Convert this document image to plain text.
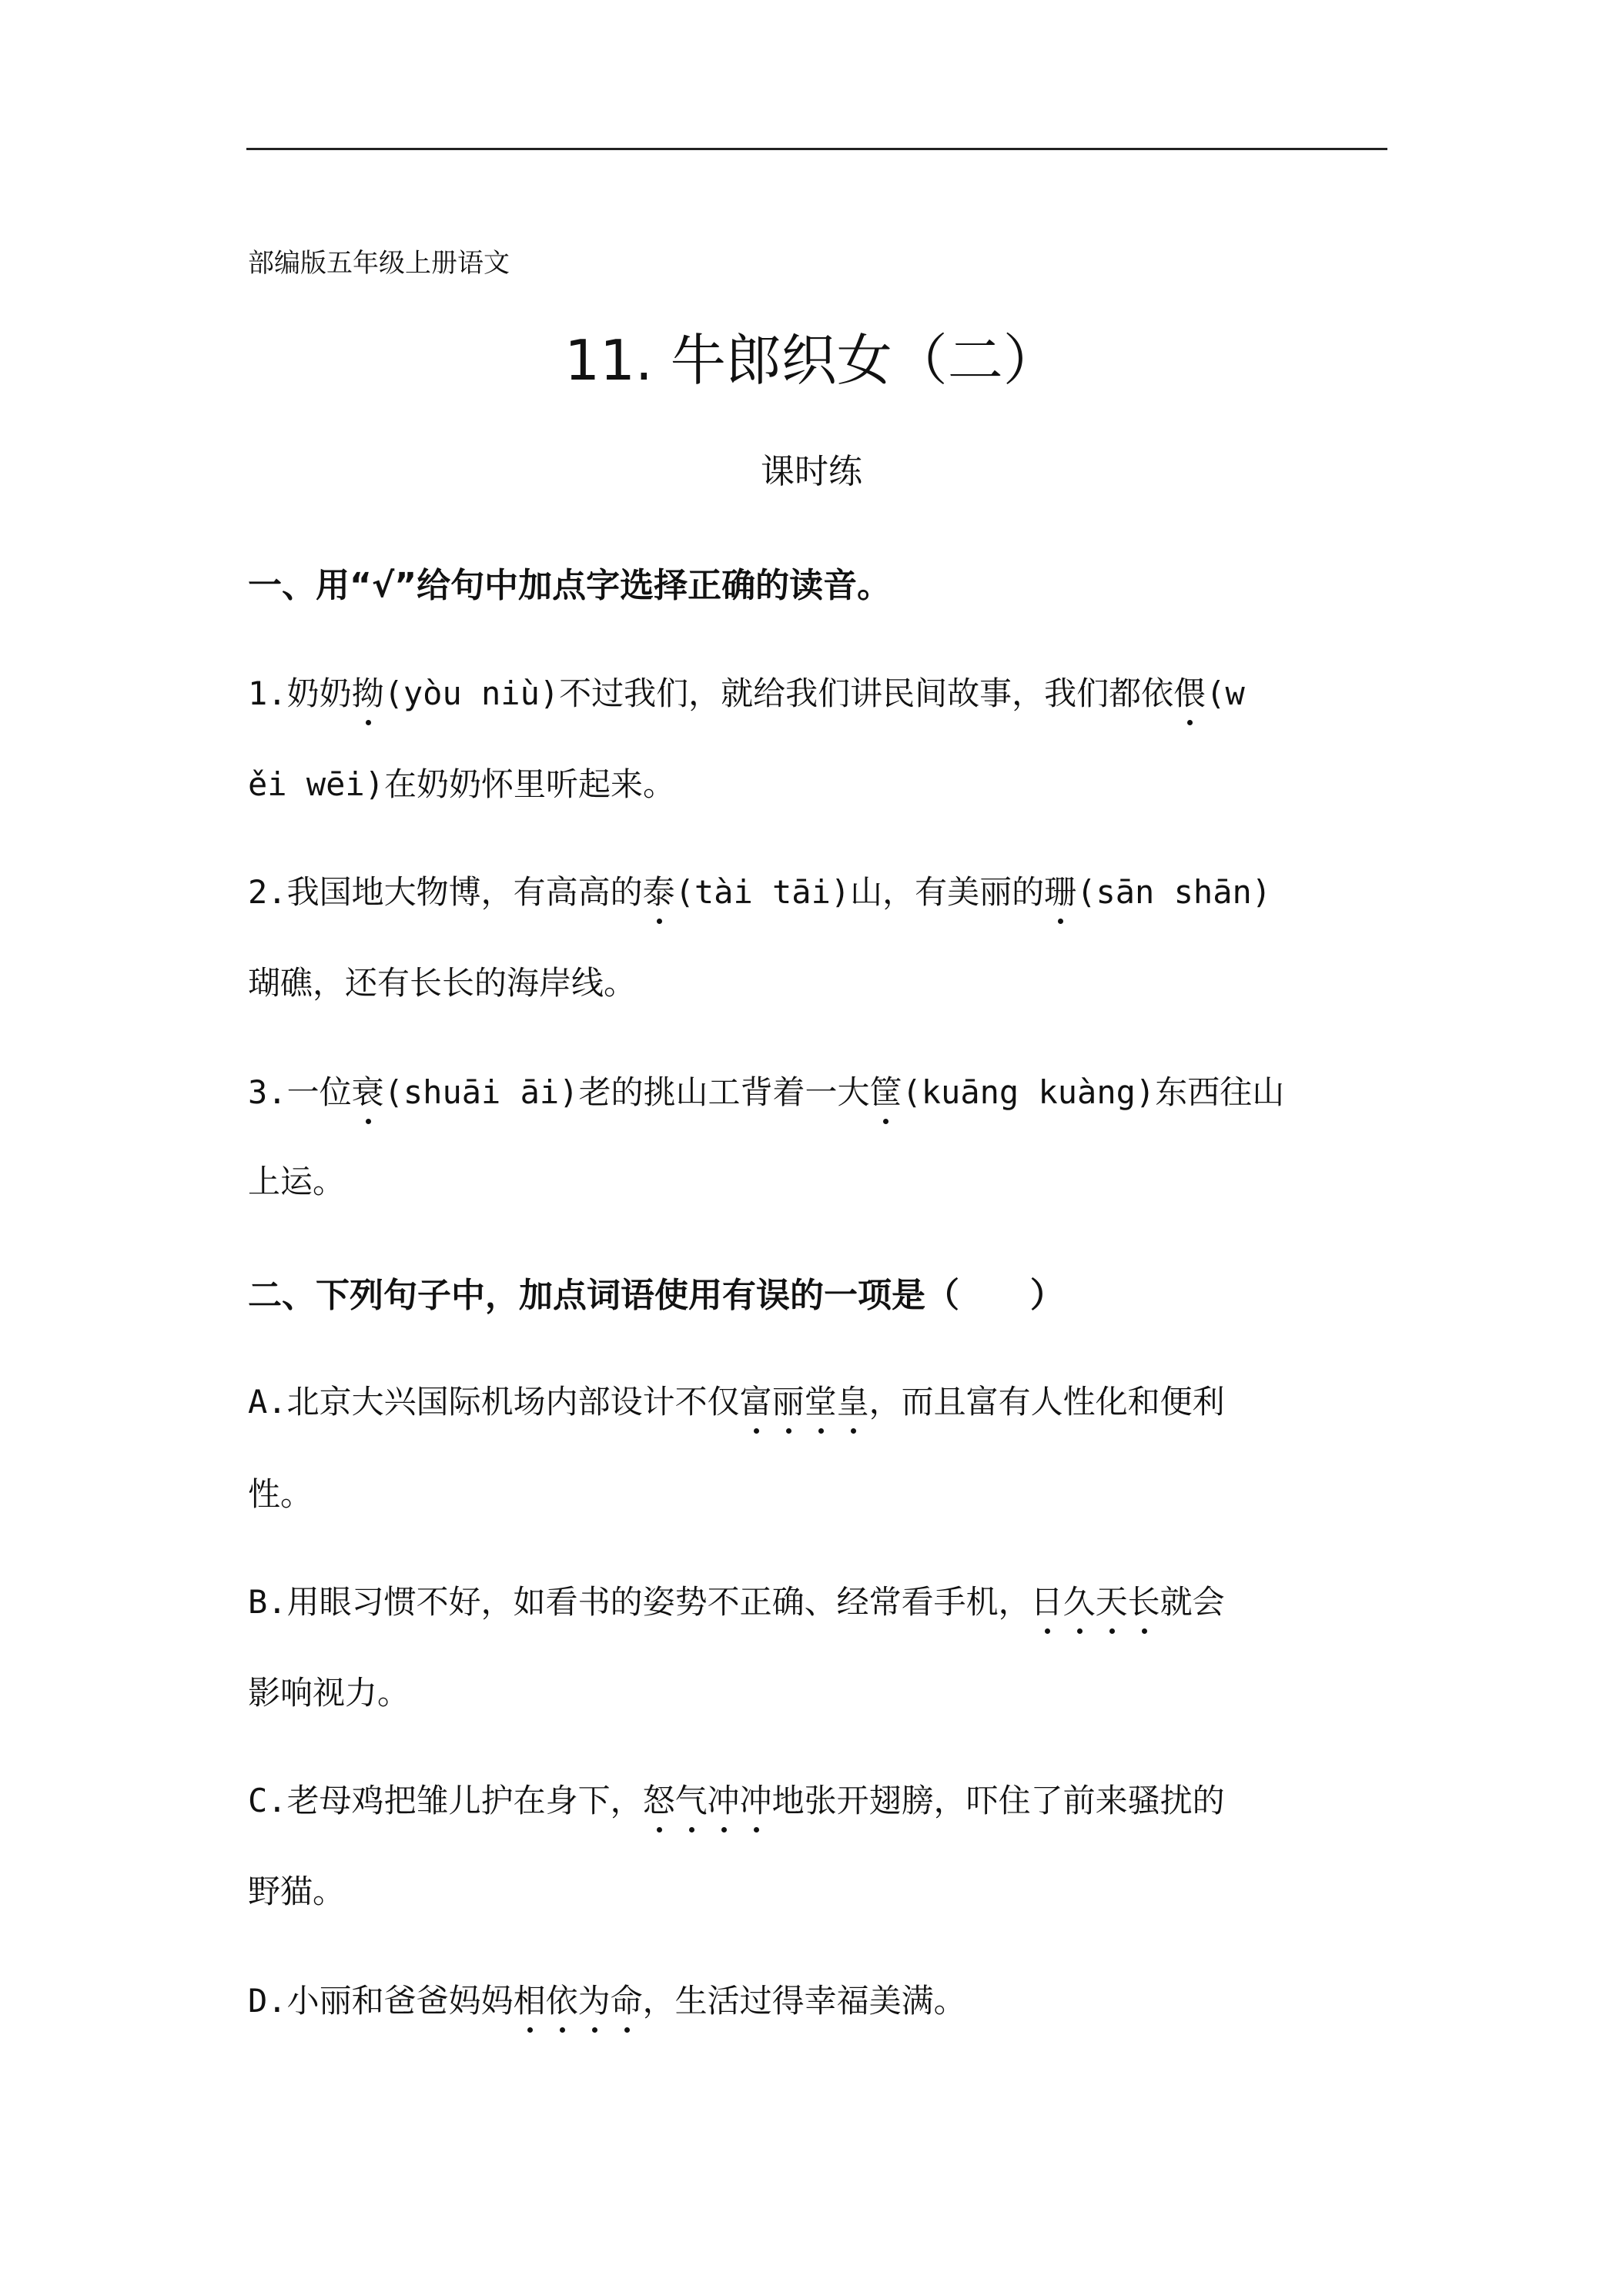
部编版五年级上册语文
11. 牛郎织女（二）
课时练
一、用“√”给句中加点字选择正确的读音。
1.奶奶拗(yòu niù)不过我们，就给我们讲民间故事，我们都依偎(w
ěi wēi)在奶奶怀里听起来。
2.我国地大物博，有高高的泰(tài tāi)山，有美丽的珊(sān shān)
瑚礁，还有长长的海岸线。
3.一位衰(shuāi āi)老的挑山工背着一大筐(kuāng kuàng)东西往山
上运。
二、下列句子中，加点词语使用有误的一项是（      ）
A.北京大兴国际机场内部设计不仅富丽堂皇，而且富有人性化和便利
性。
B.用眼习惯不好，如看书的姿势不正确、经常看手机，日久天长就会
影响视力。
C.老母鸡把雏儿护在身下，怒气冲冲地张开翅膀，吓住了前来骚扰的
野猫。
D.小丽和爸爸妈妈相依为命，生活过得幸福美满。
